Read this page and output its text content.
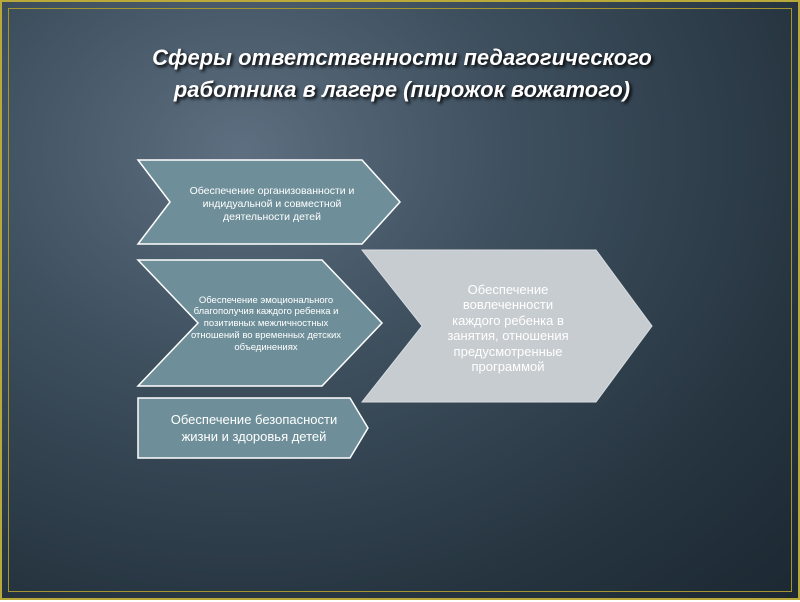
Сферы ответственности педагогического
работника в лагере (пирожок вожатого)
Обеспечение организованности и индидуальной и совместной деятельности детей
Обеспечение эмоционального благополучия каждого ребенка и позитивных межличностных отношений во временных детских объединениях
Обеспечение безопасности жизни и здоровья детей
Обеспечение вовлеченности каждого ребенка в занятия, отношения предусмотренные программой
